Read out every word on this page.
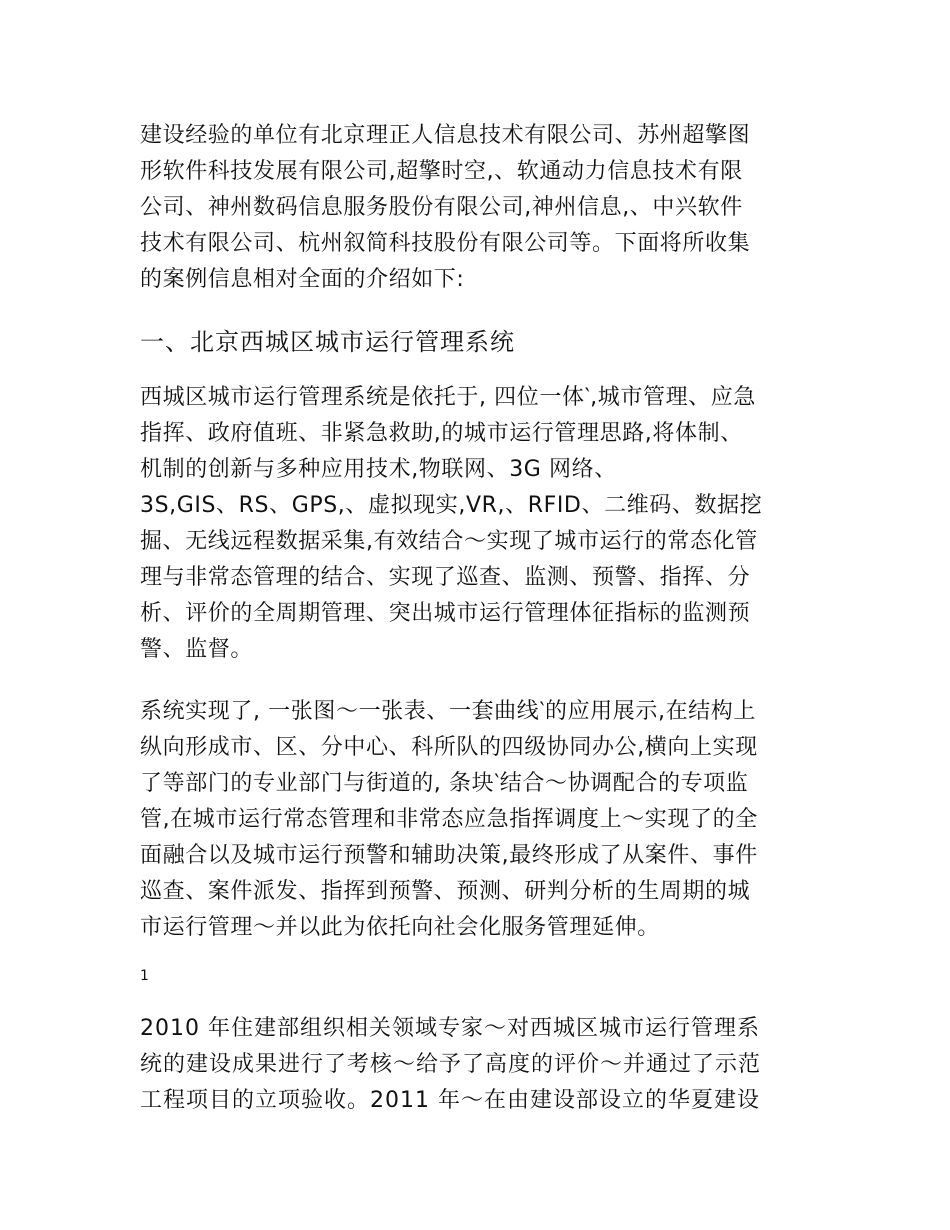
建设经验的单位有北京理正人信息技术有限公司、苏州超擎图
形软件科技发展有限公司,超擎时空,、软通动力信息技术有限
公司、神州数码信息服务股份有限公司,神州信息,、中兴软件
技术有限公司、杭州叙简科技股份有限公司等。下面将所收集
的案例信息相对全面的介绍如下:

一、北京西城区城市运行管理系统

西城区城市运行管理系统是依托于, 四位一体‵,城市管理、应急
指挥、政府值班、非紧急救助,的城市运行管理思路,将体制、
机制的创新与多种应用技术,物联网、3G 网络、
3S,GIS、RS、GPS,、虚拟现实,VR,、RFID、二维码、数据挖
掘、无线远程数据采集,有效结合～实现了城市运行的常态化管
理与非常态管理的结合、实现了巡查、监测、预警、指挥、分
析、评价的全周期管理、突出城市运行管理体征指标的监测预
警、监督。

系统实现了, 一张图～一张表、一套曲线‵的应用展示,在结构上
纵向形成市、区、分中心、科所队的四级协同办公,横向上实现
了等部门的专业部门与街道的, 条块‵结合～协调配合的专项监
管,在城市运行常态管理和非常态应急指挥调度上～实现了的全
面融合以及城市运行预警和辅助决策,最终形成了从案件、事件
巡查、案件派发、指挥到预警、预测、研判分析的生周期的城
市运行管理～并以此为依托向社会化服务管理延伸。

1

2010 年住建部组织相关领域专家～对西城区城市运行管理系
统的建设成果进行了考核～给予了高度的评价～并通过了示范
工程项目的立项验收。2011 年～在由建设部设立的华夏建设
